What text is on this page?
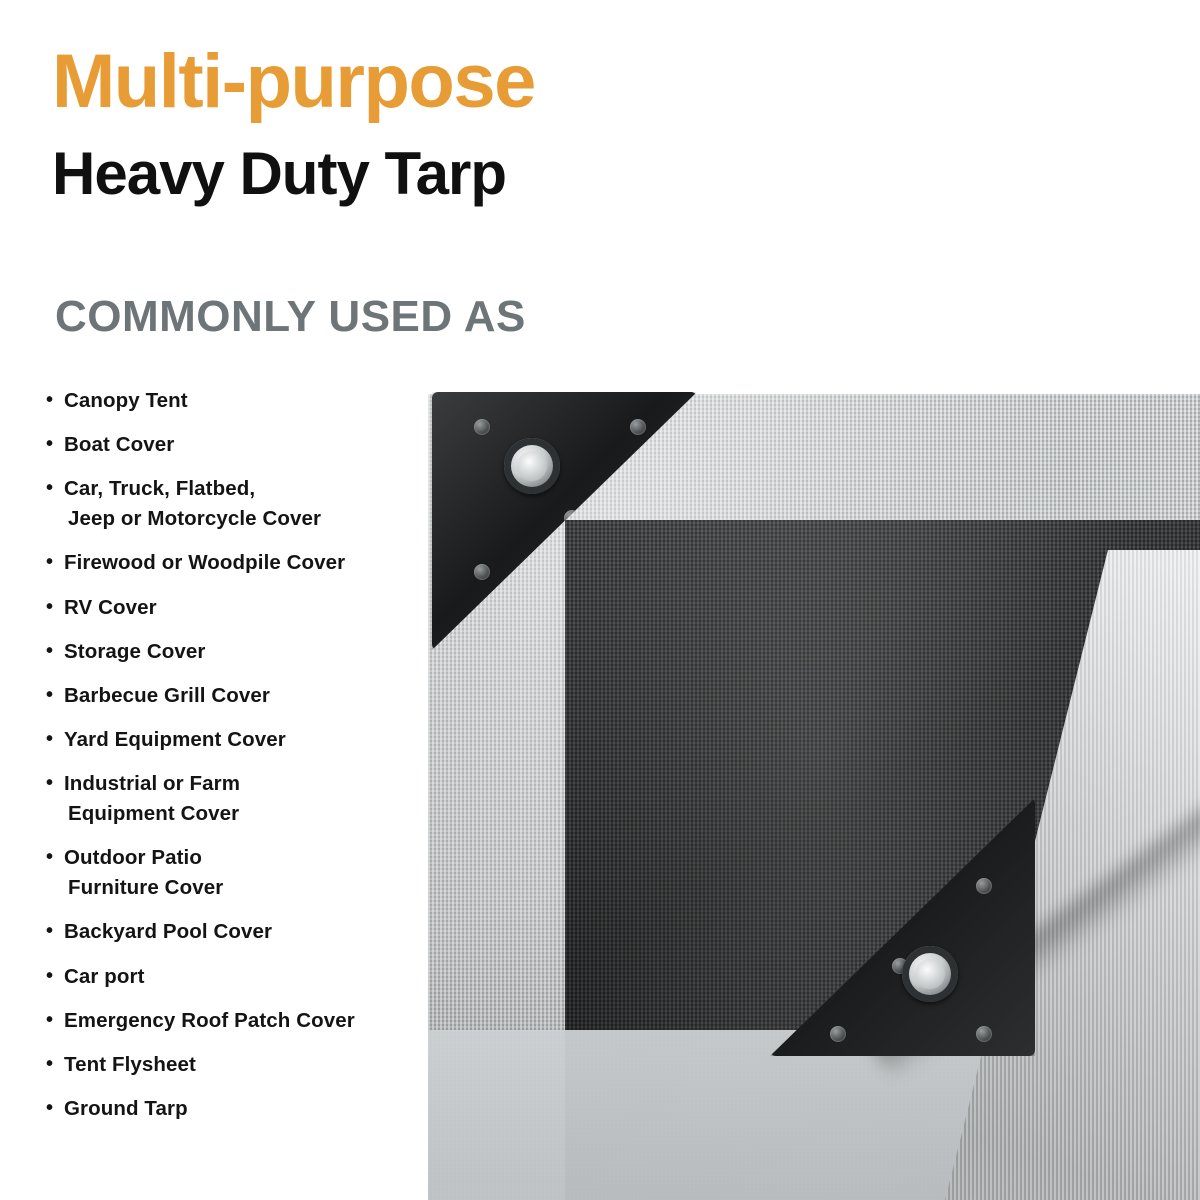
Multi-purpose
Heavy Duty Tarp
COMMONLY USED AS
• Canopy Tent
• Boat Cover
• Car, Truck, Flatbed,
Jeep or Motorcycle Cover
• Firewood or Woodpile Cover
• RV Cover
• Storage Cover
• Barbecue Grill Cover
• Yard Equipment Cover
• Industrial or Farm
Equipment Cover
• Outdoor Patio
Furniture Cover
• Backyard Pool Cover
• Car port
• Emergency Roof Patch Cover
• Tent Flysheet
• Ground Tarp
